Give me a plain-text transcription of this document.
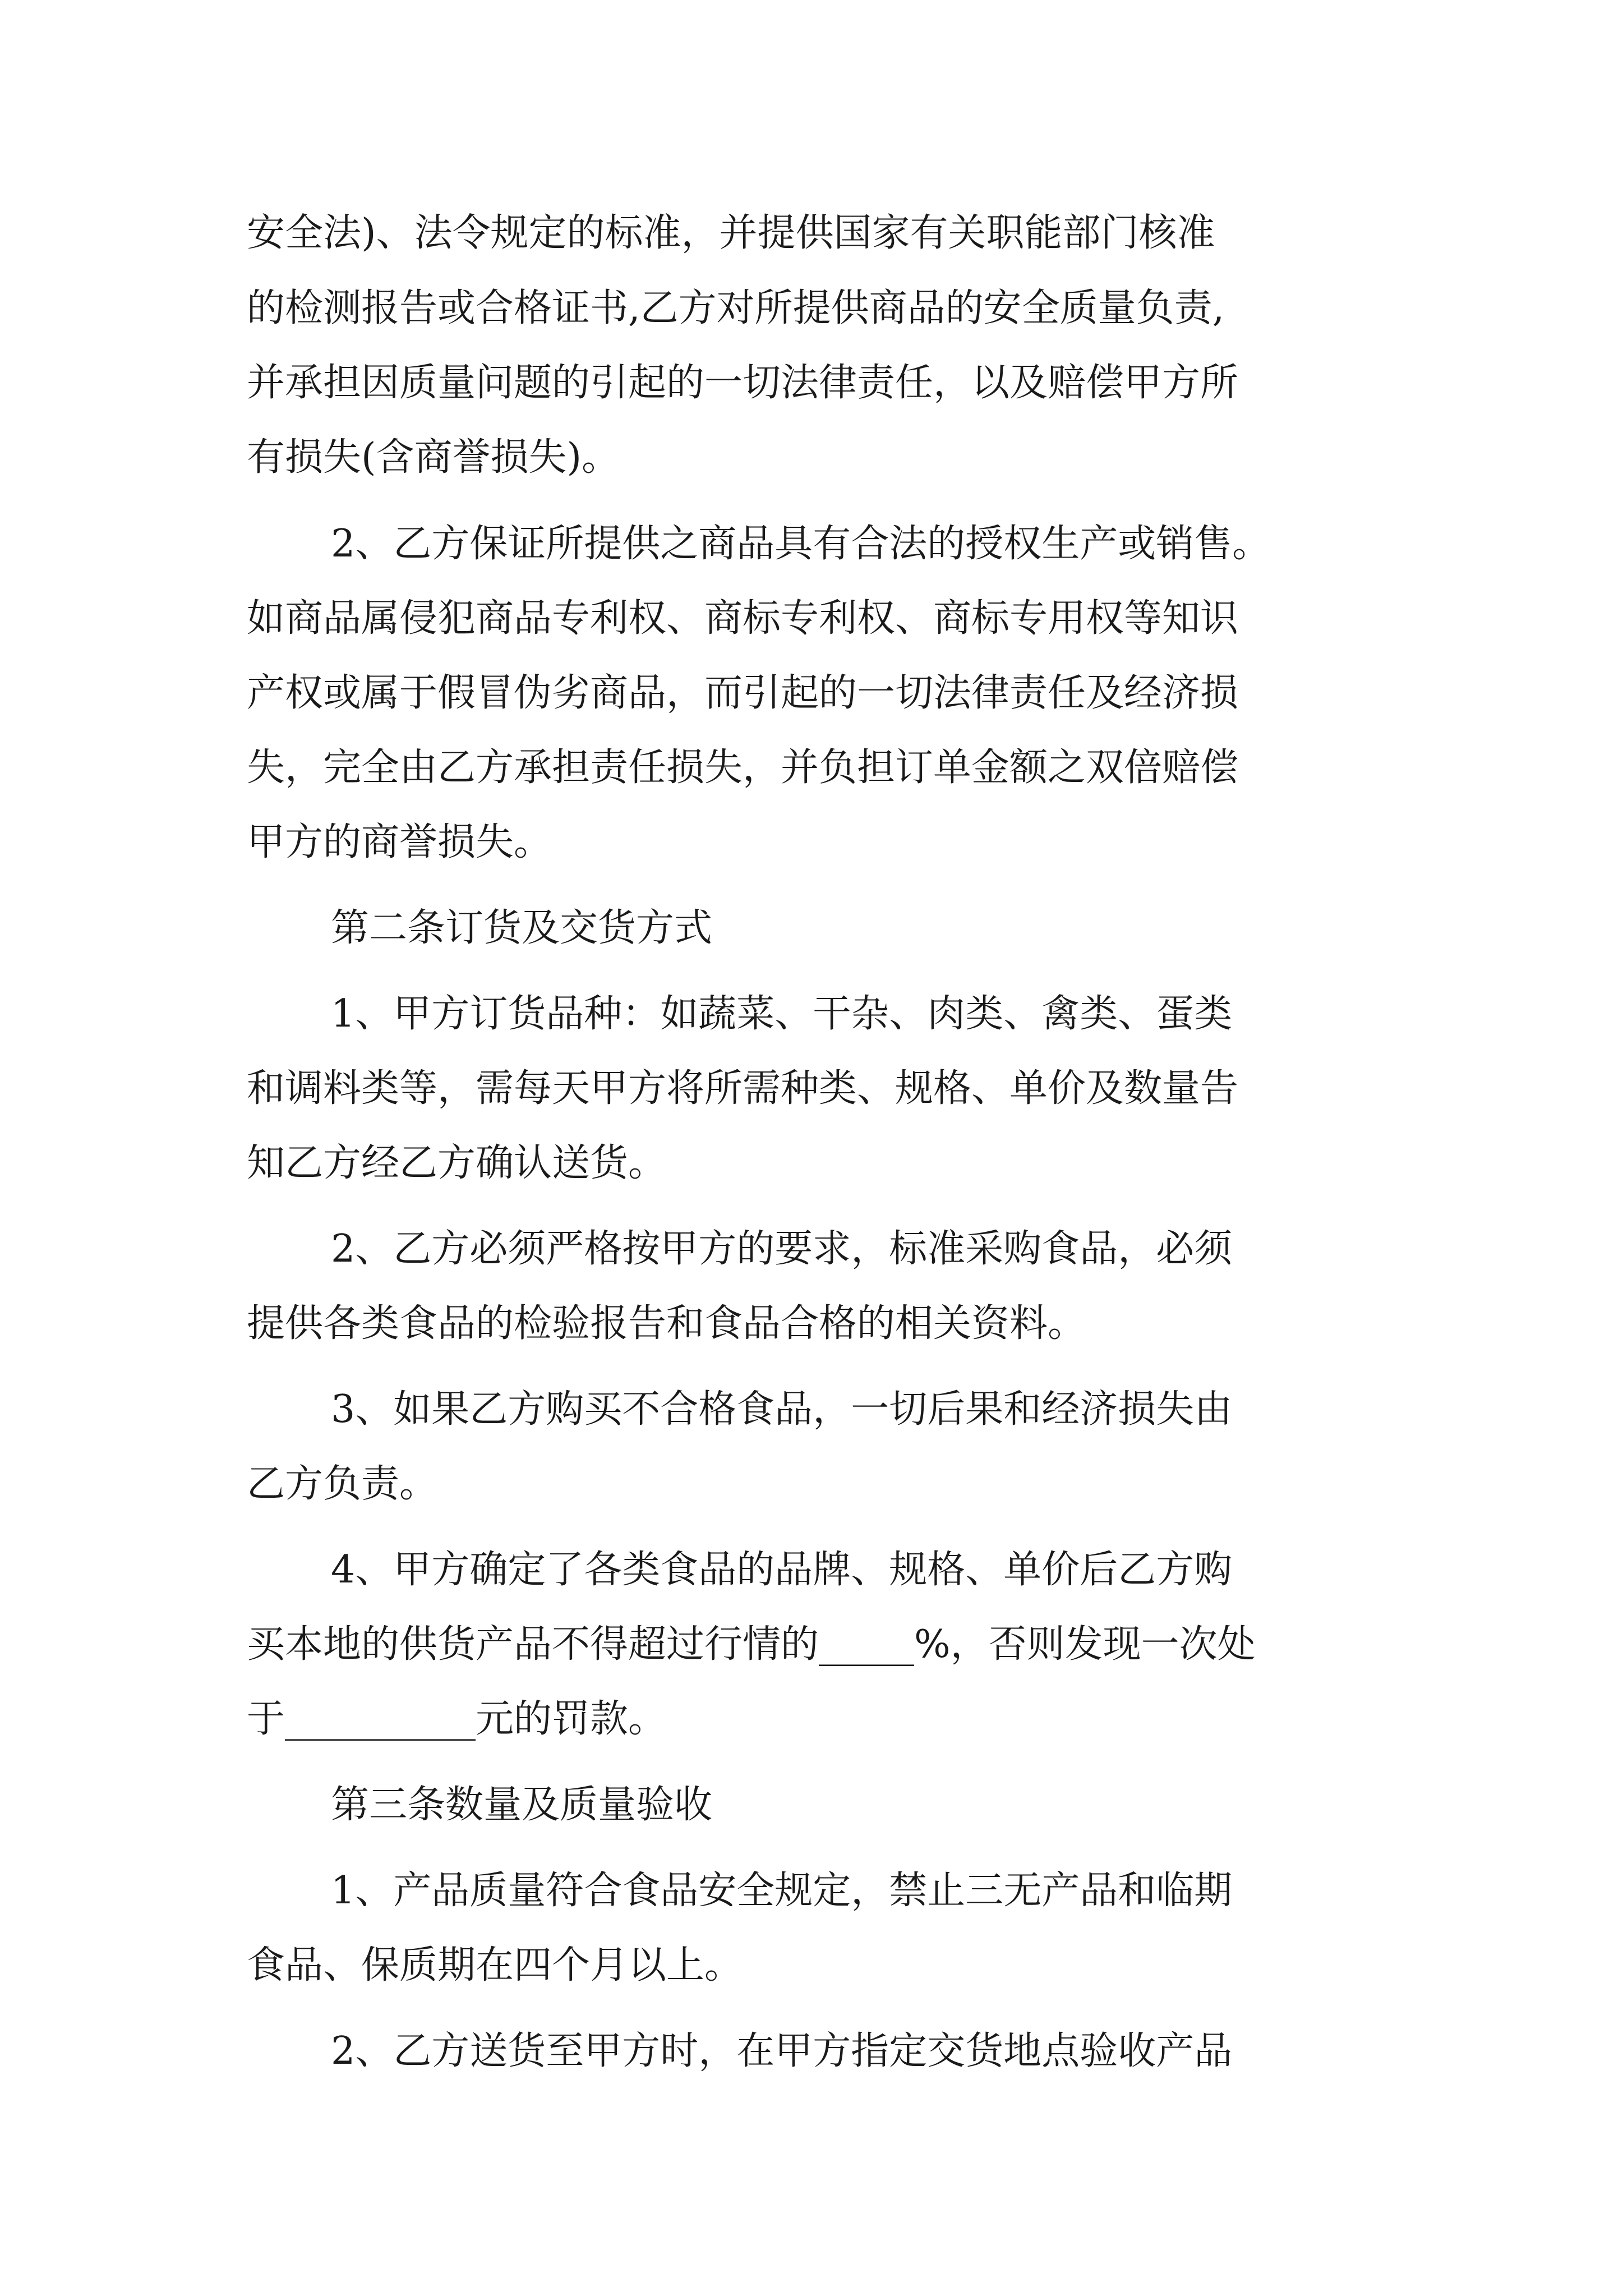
安全法)、法令规定的标准，并提供国家有关职能部门核准
的检测报告或合格证书,乙方对所提供商品的安全质量负责,
并承担因质量问题的引起的一切法律责任，以及赔偿甲方所
有损失(含商誉损失)。
2、乙方保证所提供之商品具有合法的授权生产或销售。
如商品属侵犯商品专利权、商标专利权、商标专用权等知识
产权或属于假冒伪劣商品，而引起的一切法律责任及经济损
失，完全由乙方承担责任损失，并负担订单金额之双倍赔偿
甲方的商誉损失。
第二条订货及交货方式
1、甲方订货品种：如蔬菜、干杂、肉类、禽类、蛋类
和调料类等，需每天甲方将所需种类、规格、单价及数量告
知乙方经乙方确认送货。
2、乙方必须严格按甲方的要求，标准采购食品，必须
提供各类食品的检验报告和食品合格的相关资料。
3、如果乙方购买不合格食品，一切后果和经济损失由
乙方负责。
4、甲方确定了各类食品的品牌、规格、单价后乙方购
买本地的供货产品不得超过行情的_____%，否则发现一次处
于__________元的罚款。
第三条数量及质量验收
1、产品质量符合食品安全规定，禁止三无产品和临期
食品、保质期在四个月以上。
2、乙方送货至甲方时，在甲方指定交货地点验收产品
